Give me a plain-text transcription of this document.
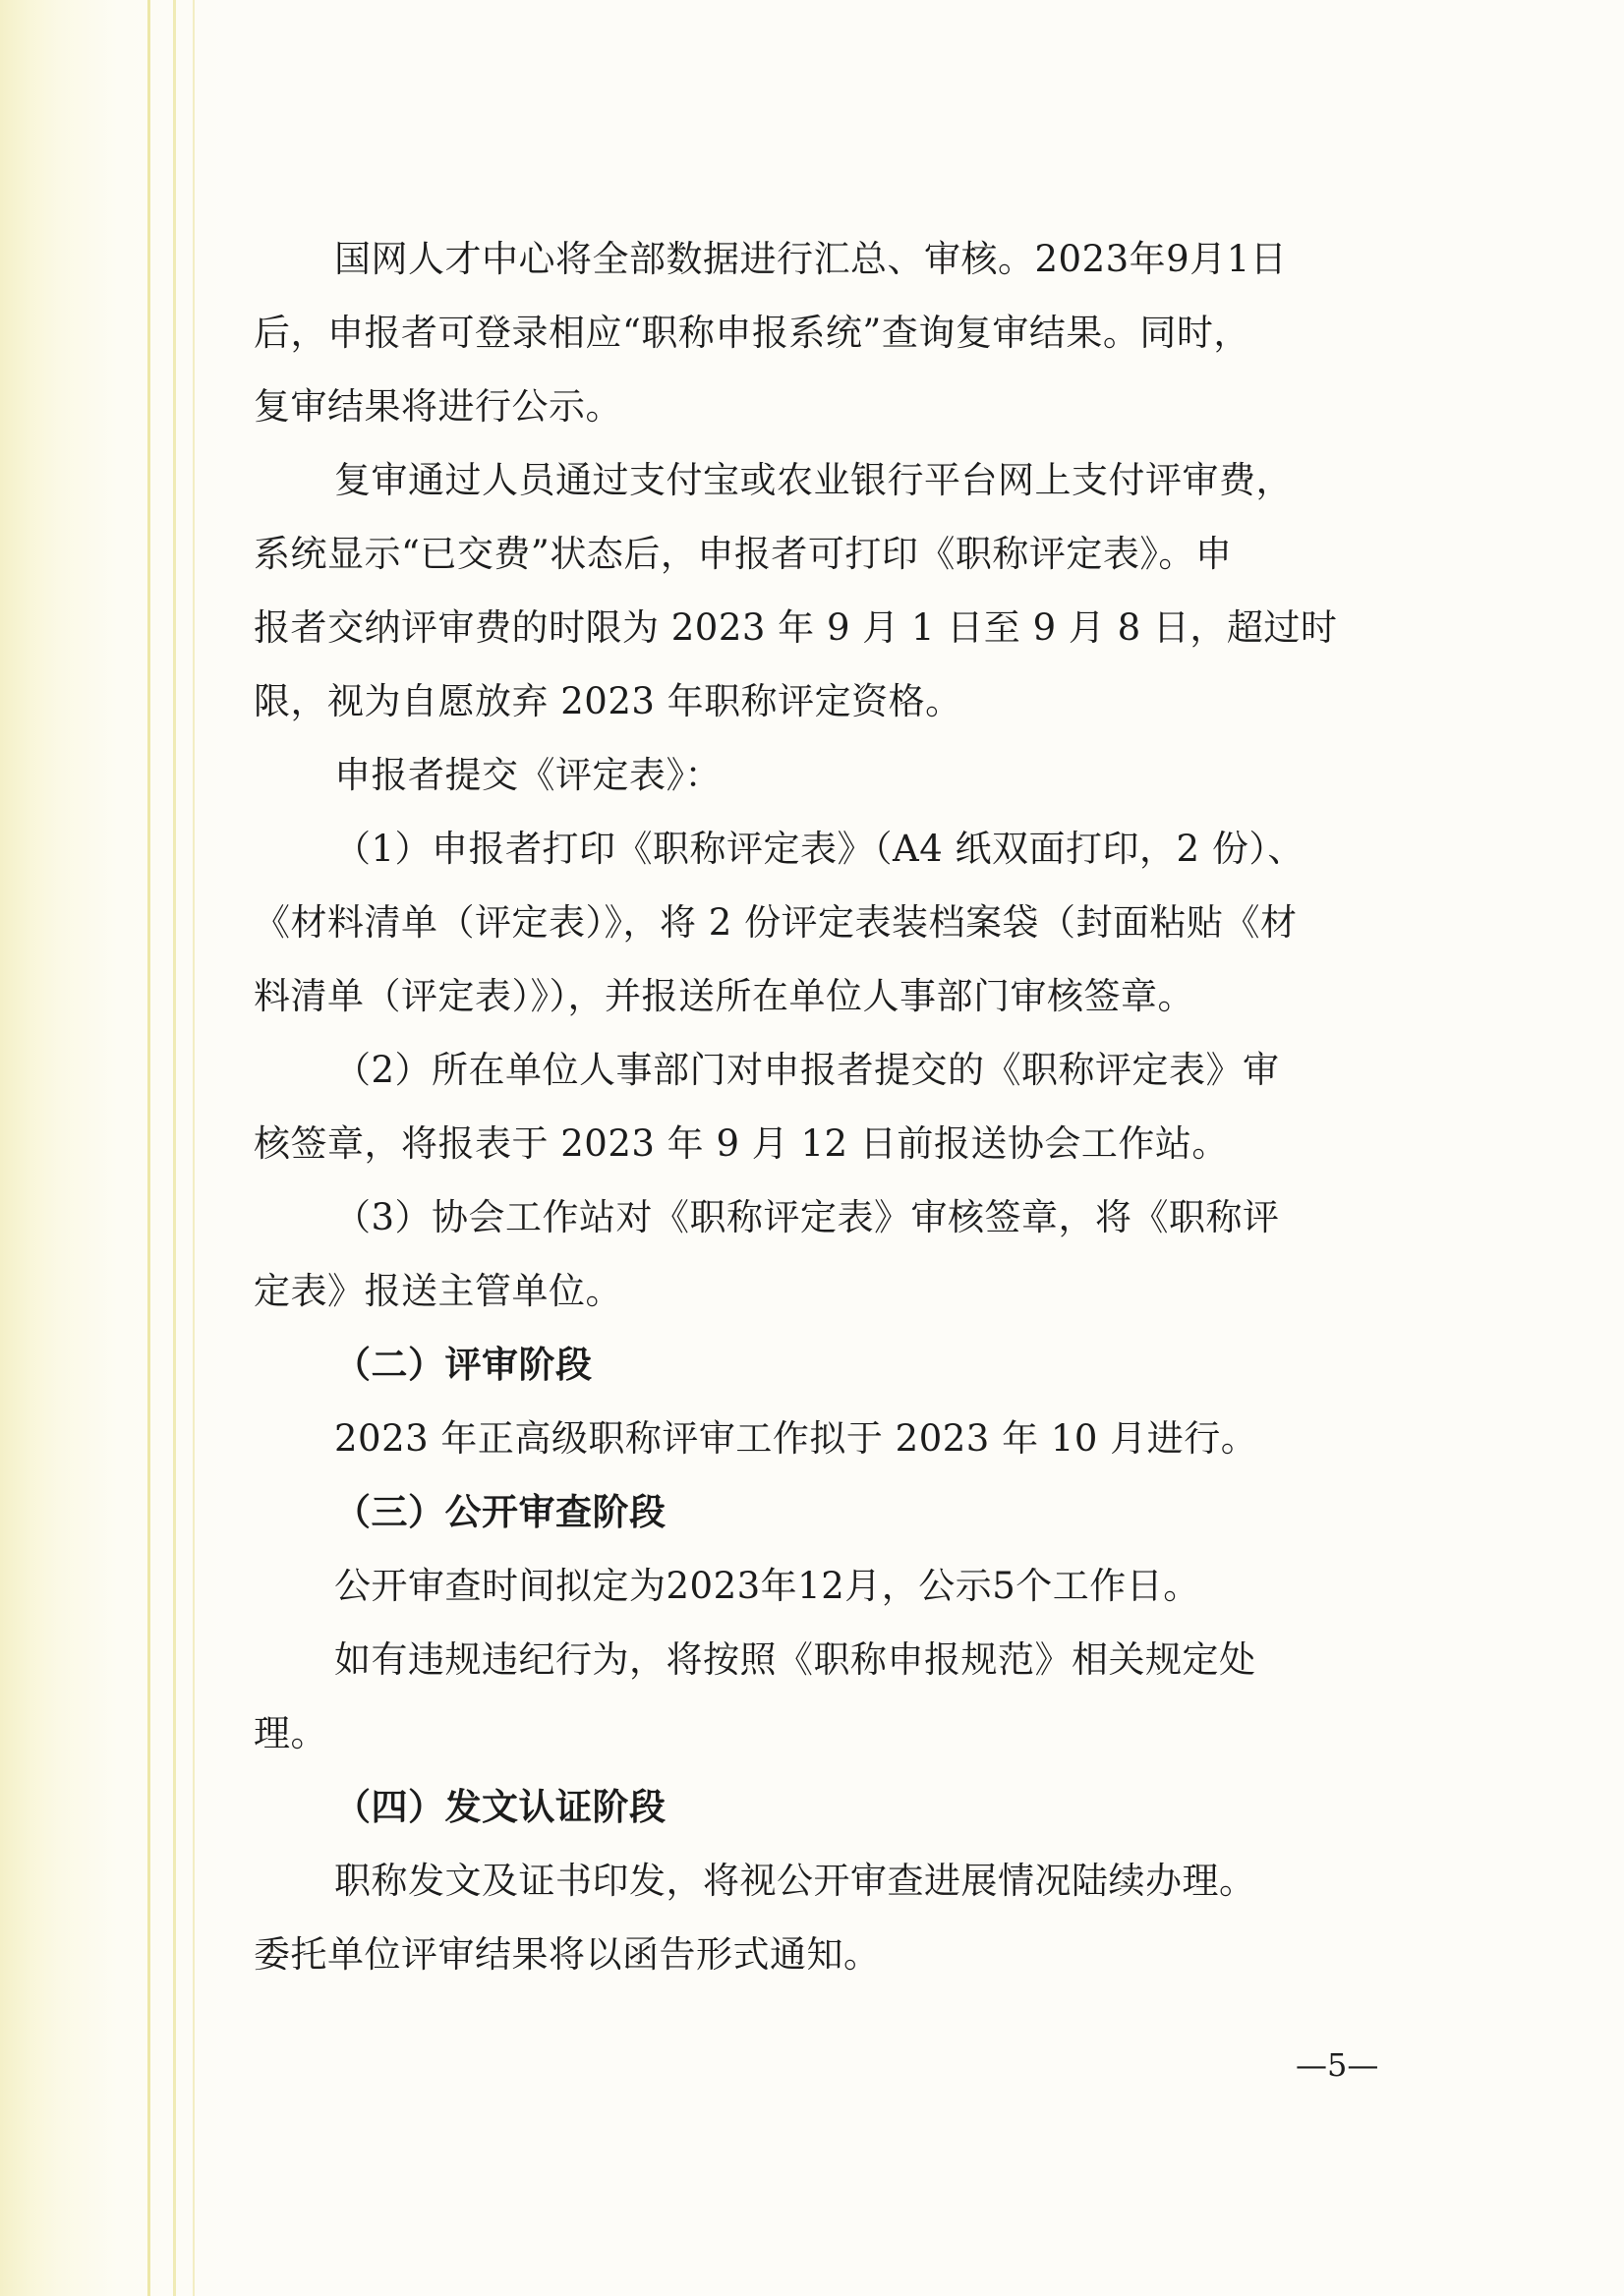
国网人才中心将全部数据进行汇总、审核。2023年9月1日
后，申报者可登录相应“职称申报系统”查询复审结果。同时，
复审结果将进行公示。
复审通过人员通过支付宝或农业银行平台网上支付评审费，
系统显示“已交费”状态后，申报者可打印《职称评定表》。申
报者交纳评审费的时限为 2023 年 9 月 1 日至 9 月 8 日，超过时
限，视为自愿放弃 2023 年职称评定资格。
申报者提交《评定表》：
（1）申报者打印《职称评定表》（A4 纸双面打印，2 份）、
《材料清单（评定表）》，将 2 份评定表装档案袋（封面粘贴《材
料清单（评定表）》），并报送所在单位人事部门审核签章。
（2）所在单位人事部门对申报者提交的《职称评定表》审
核签章，将报表于 2023 年 9 月 12 日前报送协会工作站。
（3）协会工作站对《职称评定表》审核签章，将《职称评
定表》报送主管单位。
（二）评审阶段
2023 年正高级职称评审工作拟于 2023 年 10 月进行。
（三）公开审查阶段
公开审查时间拟定为2023年12月，公示5个工作日。
如有违规违纪行为，将按照《职称申报规范》相关规定处
理。
（四）发文认证阶段
职称发文及证书印发，将视公开审查进展情况陆续办理。
委托单位评审结果将以函告形式通知。
—5—
